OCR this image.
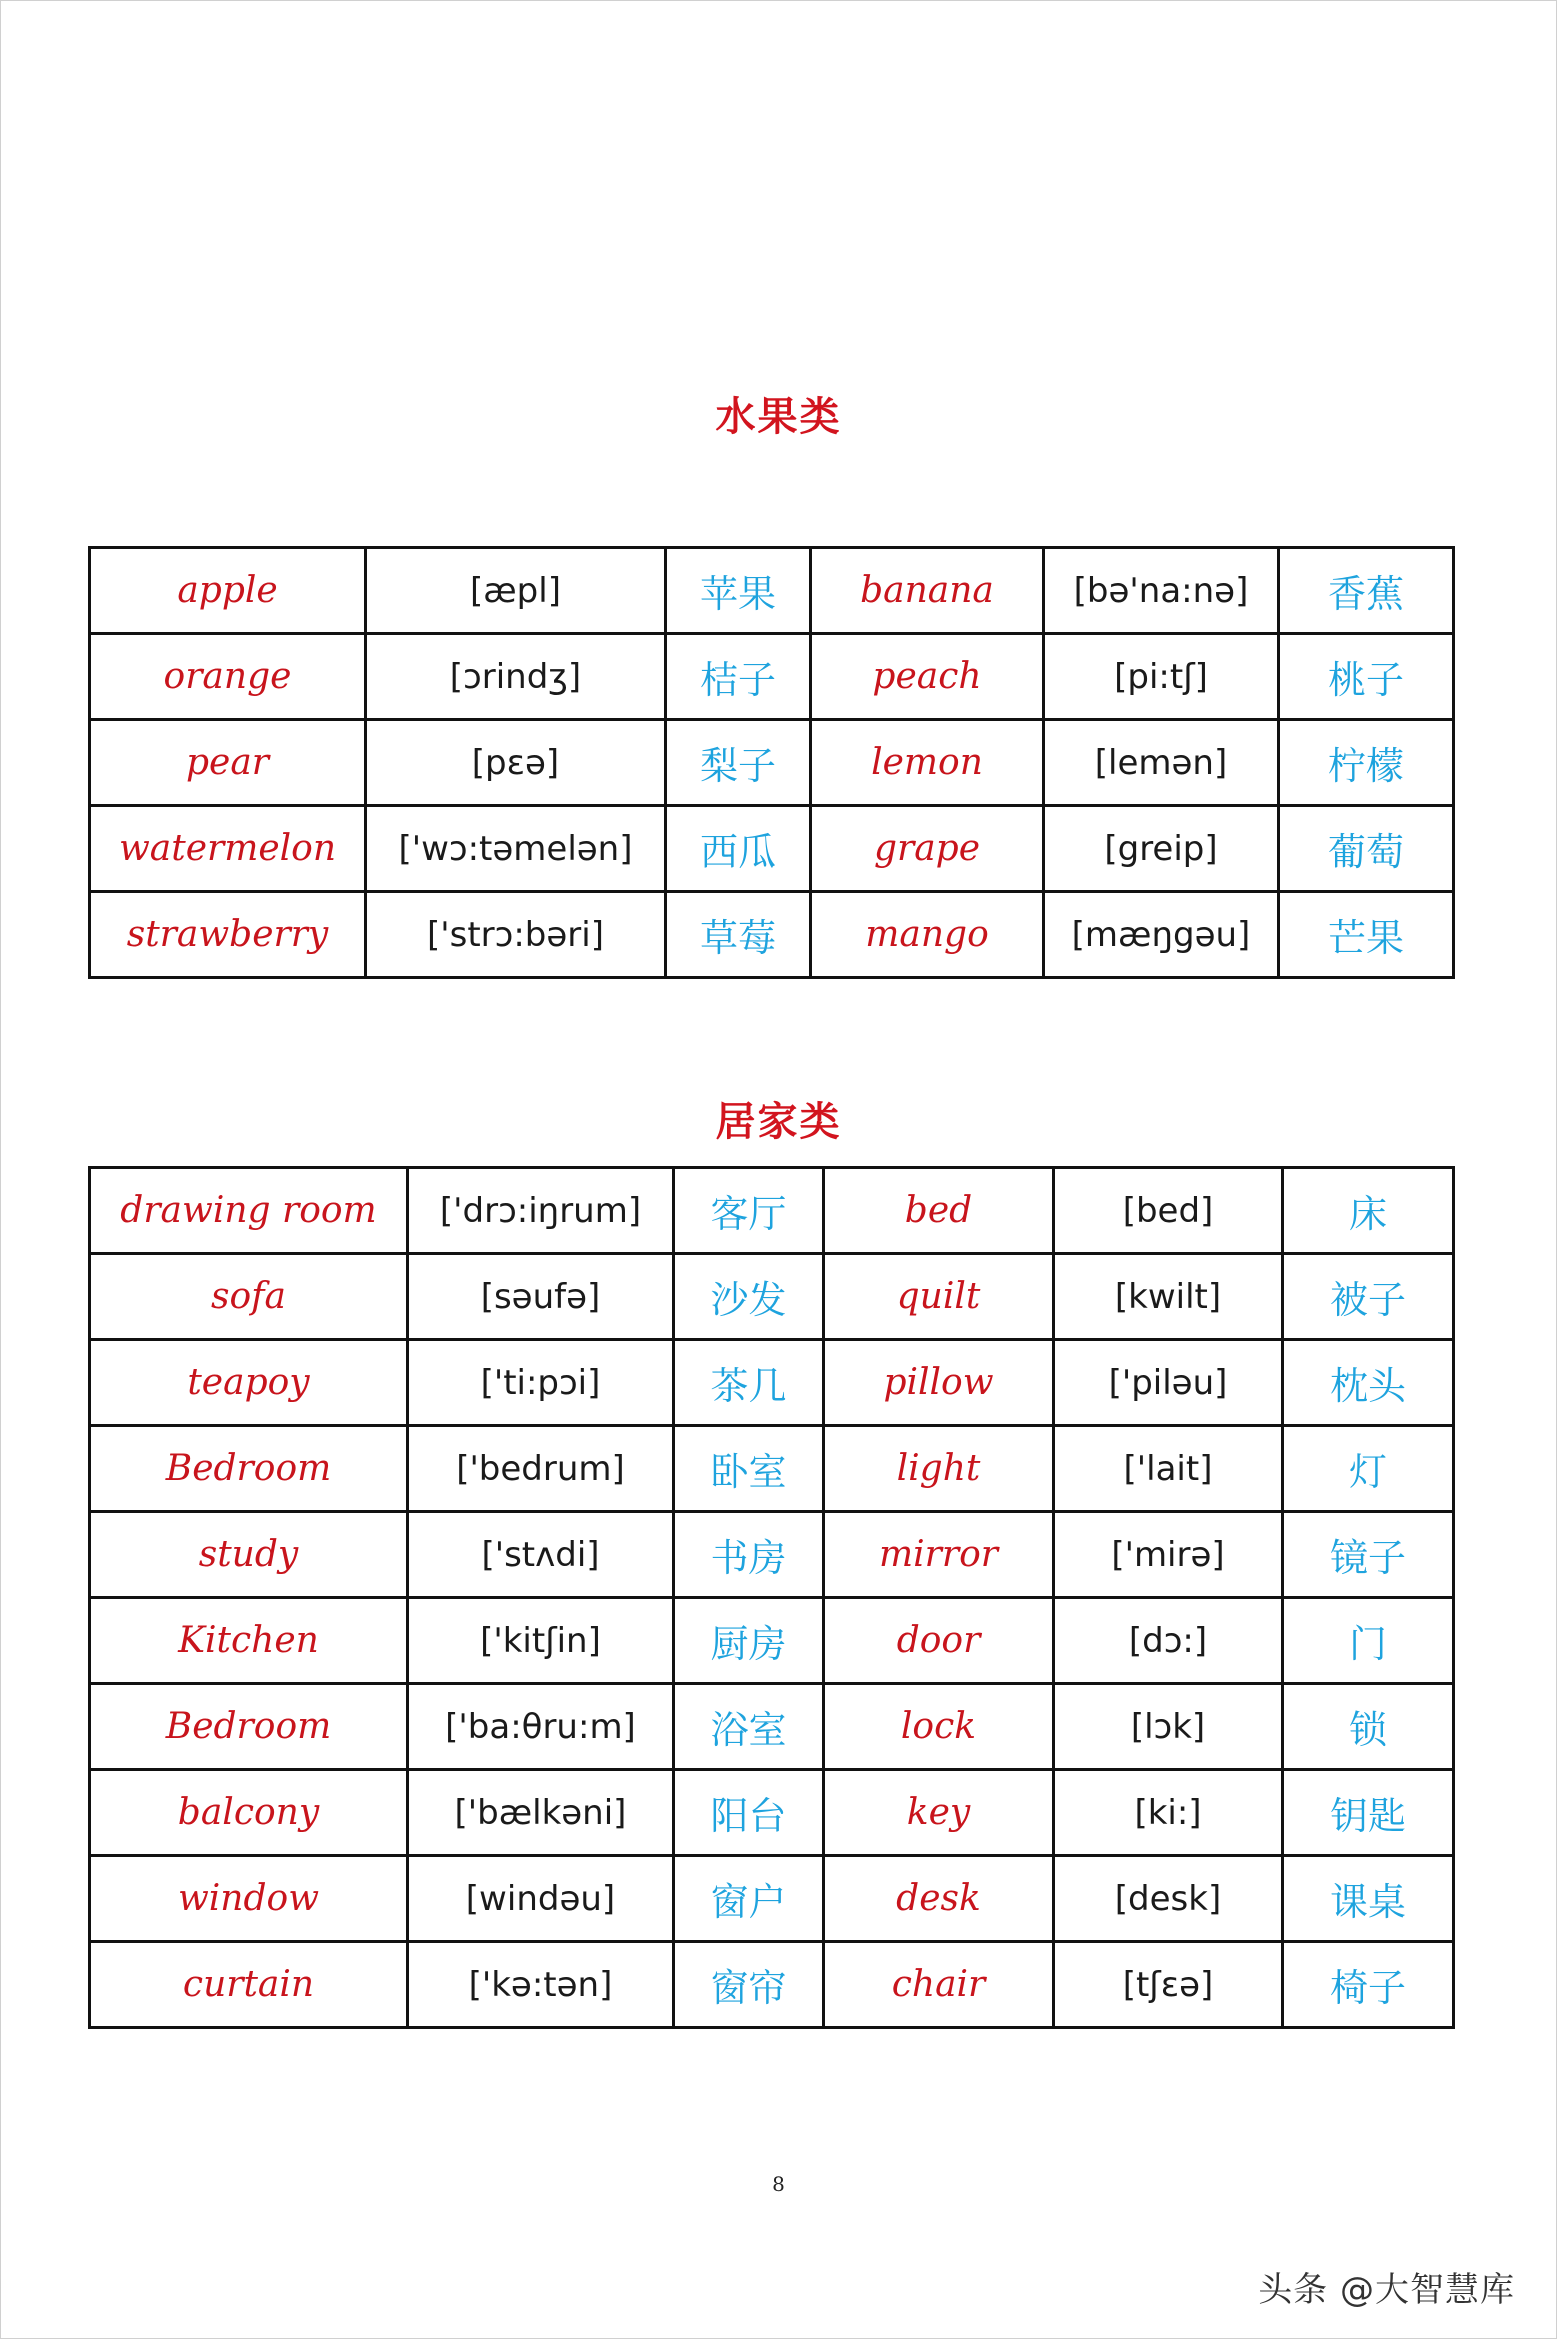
水果类
apple	[æpl]	苹果	banana	[bə'na:nə]	香蕉
orange	[ɔrindʒ]	桔子	peach	[pi:tʃ]	桃子
pear	[pɛə]	梨子	lemon	[lemən]	柠檬
watermelon	['wɔ:təmelən]	西瓜	grape	[greip]	葡萄
strawberry	['strɔ:bəri]	草莓	mango	[mæŋgəu]	芒果
居家类
drawing room	['drɔ:iŋrum]	客厅	bed	[bed]	床
sofa	[səufə]	沙发	quilt	[kwilt]	被子
teapoy	['ti:pɔi]	茶几	pillow	['piləu]	枕头
Bedroom	['bedrum]	卧室	light	['lait]	灯
study	['stʌdi]	书房	mirror	['mirə]	镜子
Kitchen	['kitʃin]	厨房	door	[dɔ:]	门
Bedroom	['ba:θru:m]	浴室	lock	[lɔk]	锁
balcony	['bælkəni]	阳台	key	[ki:]	钥匙
window	[windəu]	窗户	desk	[desk]	课桌
curtain	['kə:tən]	窗帘	chair	[tʃɛə]	椅子
8
头条 @大智慧库
